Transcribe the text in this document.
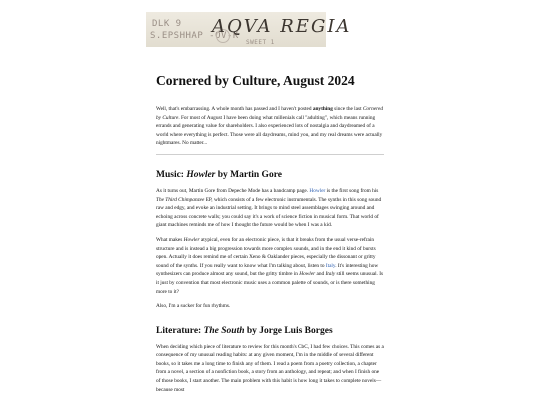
DLK 9
S.EPSHHAP -OV-K
SWEET 1
AQVA REGIA
Cornered by Culture, August 2024

Well, that's embarrassing. A whole month has passed and I haven't posted anything since the last Cornered by Culture. For most of August I have been doing what millenials call "adulting", which means running errands and generating value for shareholders. I also experienced lots of nostalgia and daydreamed of a world where everything is perfect. Those were all daydreams, mind you, and my real dreams were actually nightmares. No matter...

Music: Howler by Martin Gore

As it turns out, Martin Gore from Depeche Mode has a bandcamp page. Howler is the first song from his The Third Chimpanzee EP, which consists of a few electronic instrumentals. The synths in this song sound raw and edgy, and evoke an industrial setting. It brings to mind steel assemblages swinging around and echoing across concrete walls; you could say it's a work of science fiction in musical form. That world of giant machines reminds me of how I thought the future would be when I was a kid.

What makes Howler atypical, even for an electronic piece, is that it breaks from the usual verse-refrain structure and is instead a big progression towards more complex sounds, and in the end it kind of bursts open. Actually it does remind me of certain Xeno & Oaklander pieces, especially the dissonant or gritty sound of the synths. If you really want to know what I'm talking about, listen to Italy. It's interesting how synthesizers can produce almost any sound, but the gritty timbre in Howler and Italy still seems unusual. Is it just by convention that most electronic music uses a common palette of sounds, or is there something more to it?

Also, I'm a sucker for fun rhythms.

Literature: The South by Jorge Luis Borges

When deciding which piece of literature to review for this month's CbC, I had few choices. This comes as a consequence of my unusual reading habits: at any given moment, I'm in the middle of several different books, so it takes me a long time to finish any of them. I read a poem from a poetry collection, a chapter from a novel, a section of a nonfiction book, a story from an anthology, and repeat; and when I finish one of those books, I start another. The main problem with this habit is how long it takes to complete novels—because most
